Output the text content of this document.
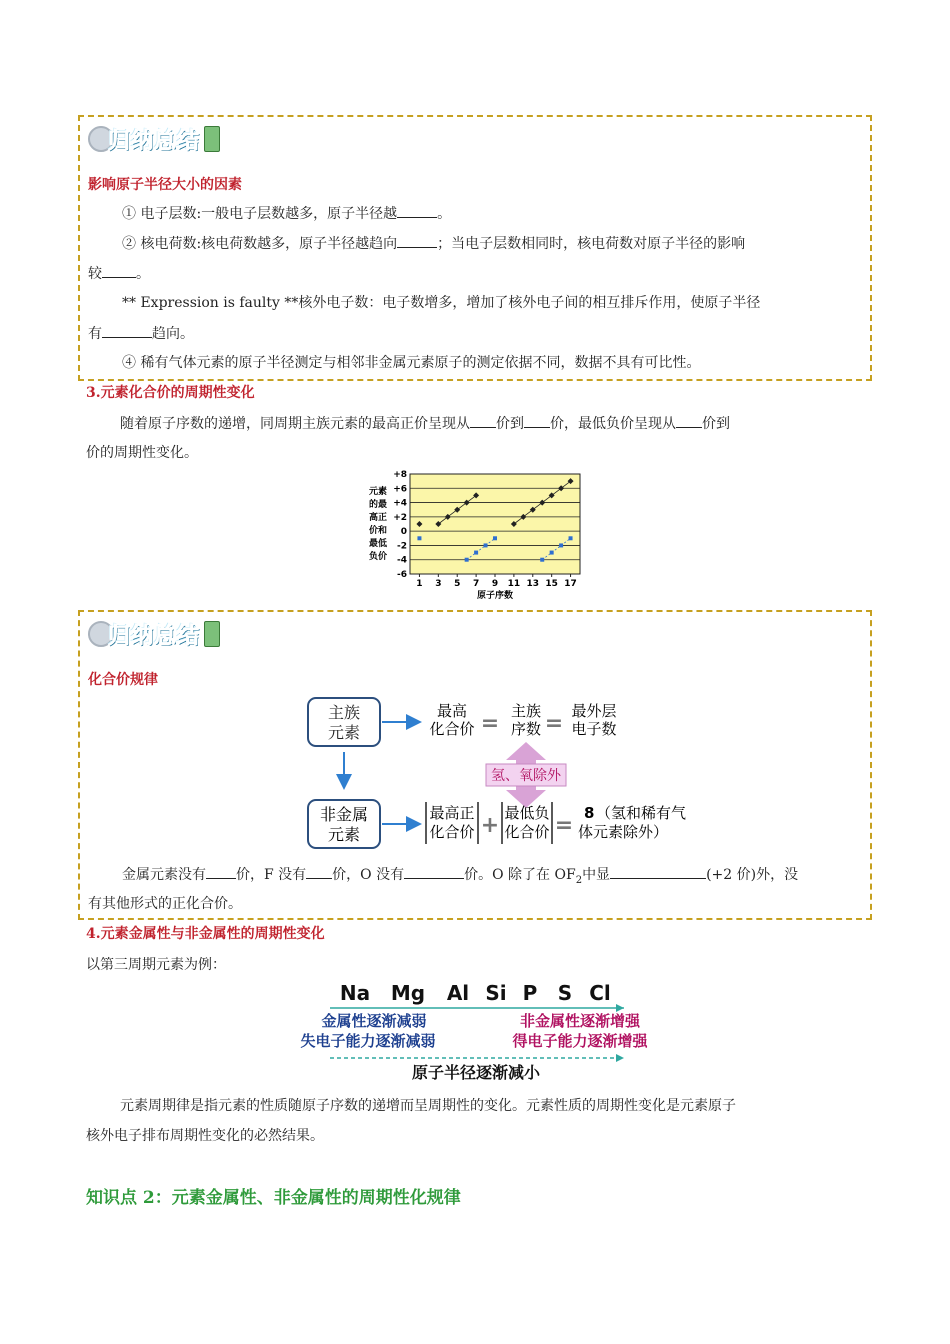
归纳总结
影响原子半径大小的因素
① 电子层数:一般电子层数越多，原子半径越	。
② 核电荷数:核电荷数越多，原子半径越趋向	；当电子层数相同时，核电荷数对原子半径的影响
较 。
** Expression is faulty **核外电子数：电子数增多，增加了核外电子间的相互排斥作用，使原子半径
有	趋向。
④ 稀有气体元素的原子半径测定与相邻非金属元素原子的测定依据不同，数据不具有可比性。
3.元素化合价的周期性变化
随着原子序数的递增，同周期主族元素的最高正价呈现从 价到 价，最低负价呈现从 价到
价的周期性变化。
+8
+6
+4
+2
0
-2
-4
-6
1 3 5 7 9 11 13 15 17
原子序数
元素
的最
高正
价和
最低
负价
归纳总结
化合价规律
主族
元素
最高
化合价 = 主族
序数 = 最外层
电子数
氢、氧除外
非金属
元素
最高正
化合价 + 最低负
化合价 = 8 （氢和稀有气
体元素除外）
金属元素没有 价，F 没有 价，O 没有	价。O 除了在 $OF_2$中显	(+2 价)外，没
有其他形式的正化合价。
4.元素金属性与非金属性的周期性变化
以第三周期元素为例：
Na Mg Al Si P S Cl
金属性逐渐减弱
失电子能力逐渐减弱
非金属性逐渐增强
得电子能力逐渐增强
原子半径逐渐减小
元素周期律是指元素的性质随原子序数的递增而呈周期性的变化。元素性质的周期性变化是元素原子
核外电子排布周期性变化的必然结果。
知识点 2：元素金属性、非金属性的周期性化规律
